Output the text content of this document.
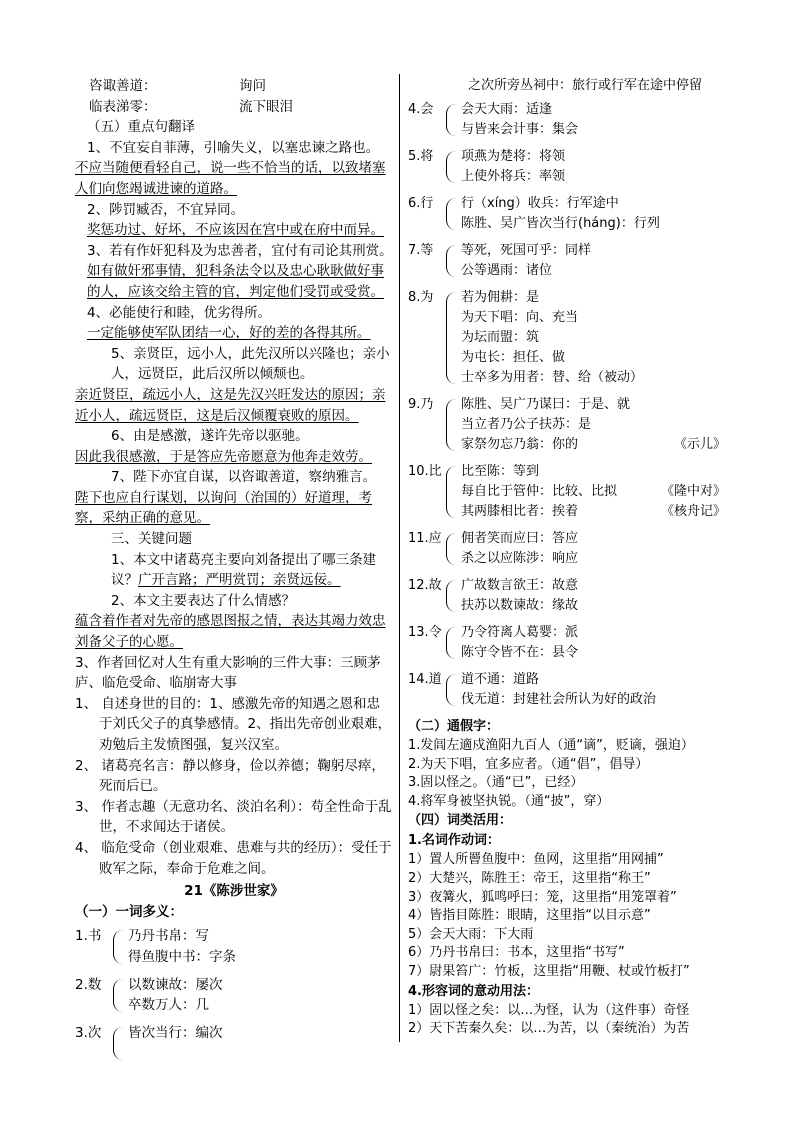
咨诹善道：	询问
临表涕零：	流下眼泪

（五）重点句翻译

1、不宜妄自菲薄，引喻失义，以塞忠谏之路也。

不应当随便看轻自己，说一些不恰当的话，以致堵塞人们向您竭诚进谏的道路。

2、陟罚臧否，不宜异同。

奖惩功过、好坏，不应该因在宫中或在府中而异。

3、若有作奸犯科及为忠善者，宜付有司论其刑赏。

如有做奸邪事情，犯科条法令以及忠心耿耿做好事的人，应该交给主管的官，判定他们受罚或受赏。

4、必能使行和睦，优劣得所。

一定能够使军队团结一心，好的差的各得其所。

5、亲贤臣，远小人，此先汉所以兴隆也；亲小人，远贤臣，此后汉所以倾颓也。

亲近贤臣，疏远小人，这是先汉兴旺发达的原因；亲近小人，疏远贤臣，这是后汉倾覆衰败的原因。

6、由是感激，遂许先帝以驱驰。

因此我很感激，于是答应先帝愿意为他奔走效劳。

7、陛下亦宜自谋，以咨诹善道，察纳雅言。

陛下也应自行谋划，以询问（治国的）好道理，考察，采纳正确的意见。

三、关键问题

1、本文中诸葛亮主要向刘备提出了哪三条建议？广开言路；严明赏罚；亲贤远佞。

2、本文主要表达了什么情感？

蕴含着作者对先帝的感恩图报之情，表达其竭力效忠刘备父子的心愿。

3、作者回忆对人生有重大影响的三件大事：三顾茅庐、临危受命、临崩寄大事

1、 自述身世的目的：1、感激先帝的知遇之恩和忠于刘氏父子的真挚感情。2、指出先帝创业艰难，劝勉后主发愤图强，复兴汉室。

2、 诸葛亮名言：静以修身，俭以养德；鞠躬尽瘁，死而后已。

3、 作者志趣（无意功名、淡泊名利）：苟全性命于乱世，不求闻达于诸侯。

4、 临危受命（创业艰难、患难与共的经历）：受任于败军之际，奉命于危难之间。

21《陈涉世家》

（一）一词多义：

1.书	乃丹书帛：写

得鱼腹中书：字条

2.数	以数谏故：屡次

卒数万人：几

3.次	皆次当行：编次

之次所旁丛祠中：旅行或行军在途中停留

4.会	会天大雨：适逢

与皆来会计事：集会

5.将	项燕为楚将：将领

上使外将兵：率领

6.行	行（xíng）收兵：行军途中

陈胜、吴广皆次当行(háng)：行列

7.等	等死，死国可乎：同样

公等遇雨：诸位

8.为	若为佣耕：是

为天下唱：向、充当

为坛而盟：筑

为屯长：担任、做

士卒多为用者：替、给（被动）

9.乃	陈胜、吴广乃谋曰：于是、就

当立者乃公子扶苏：是

家祭勿忘乃翁：你的	《示儿》

10.比 比至陈：等到

每自比于管仲：比较、比拟	《隆中对》

其两膝相比者：挨着	《核舟记》

11.应 佣者笑而应曰：答应

杀之以应陈涉：响应

12.故 广故数言欲王：故意

扶苏以数谏故：缘故

13.令 乃令符离人葛婴：派

陈守令皆不在：县令

14.道 道不通：道路

伐无道：封建社会所认为好的政治

（二）通假字：

1.发闾左適戍渔阳九百人（通“谪”，贬谪，强迫）

2.为天下唱，宜多应者。（通“倡”，倡导）

3.固以怪之。（通“已”，已经）

4.将军身被坚执锐。（通“披”，穿）

（四）词类活用：

1.名词作动词：

1）置人所罾鱼腹中：鱼网，这里指“用网捕”

2）大楚兴，陈胜王：帝王，这里指“称王”

3）夜篝火，狐鸣呼曰：笼，这里指“用笼罩着”

4）皆指目陈胜：眼睛，这里指“以目示意”

5）会天大雨：下大雨

6）乃丹书帛曰：书本，这里指“书写”

7）尉果笞广：竹板，这里指“用鞭、杖或竹板打”

4.形容词的意动用法：

1）固以怪之矣：以…为怪，认为（这件事）奇怪

2）天下苦秦久矣：以…为苦，以（秦统治）为苦
